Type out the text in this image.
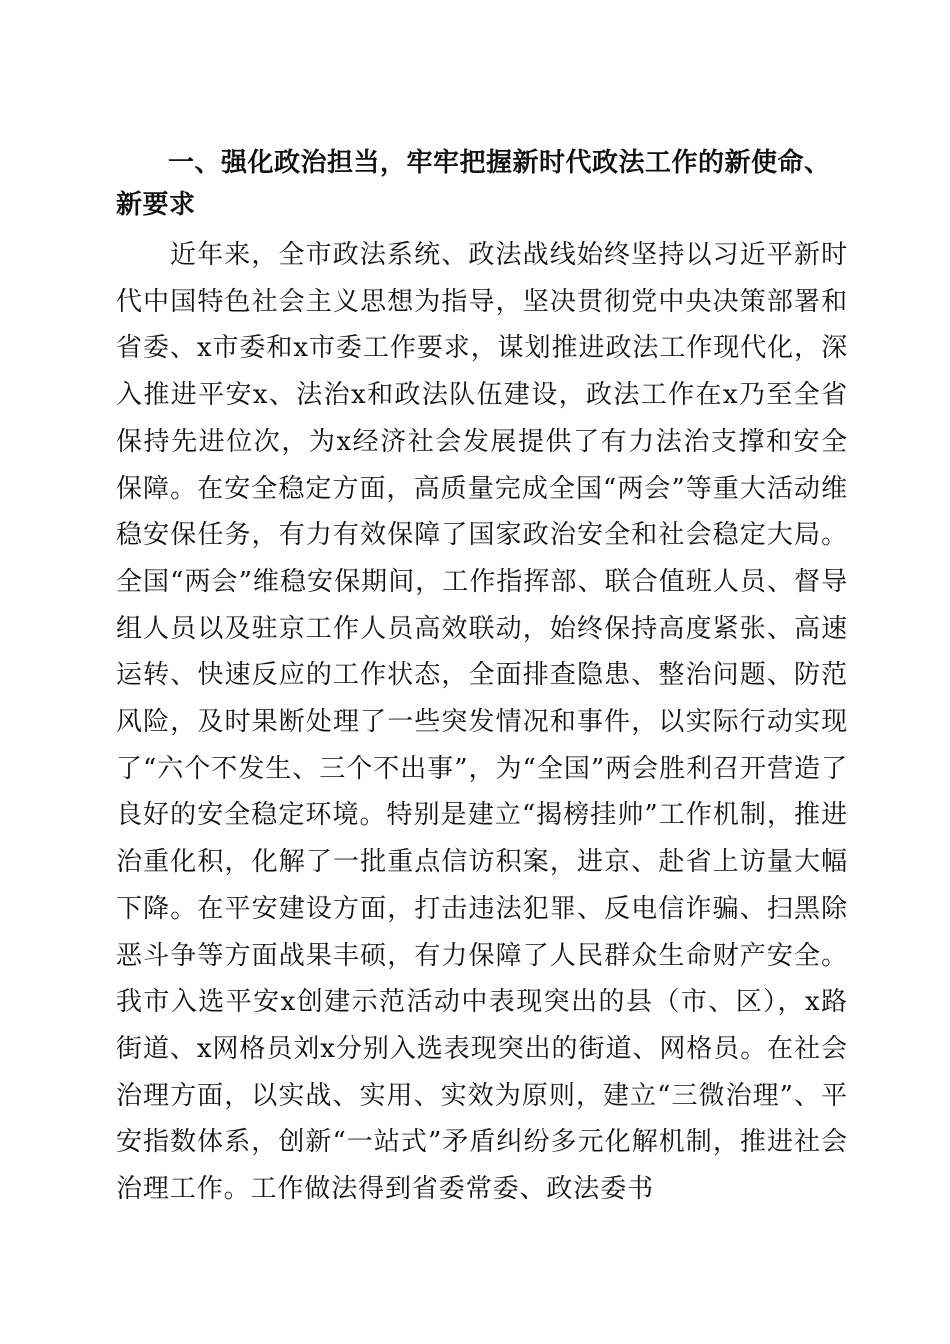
一、强化政治担当，牢牢把握新时代政法工作的新使命、新要求

近年来，全市政法系统、政法战线始终坚持以习近平新时代中国特色社会主义思想为指导，坚决贯彻党中央决策部署和省委、x市委和x市委工作要求，谋划推进政法工作现代化，深入推进平安x、法治x和政法队伍建设，政法工作在x乃至全省保持先进位次，为x经济社会发展提供了有力法治支撑和安全保障。在安全稳定方面，高质量完成全国“两会”等重大活动维稳安保任务，有力有效保障了国家政治安全和社会稳定大局。全国“两会”维稳安保期间，工作指挥部、联合值班人员、督导组人员以及驻京工作人员高效联动，始终保持高度紧张、高速运转、快速反应的工作状态，全面排查隐患、整治问题、防范风险，及时果断处理了一些突发情况和事件，以实际行动实现了“六个不发生、三个不出事”，为“全国”两会胜利召开营造了良好的安全稳定环境。特别是建立“揭榜挂帅”工作机制，推进治重化积，化解了一批重点信访积案，进京、赴省上访量大幅下降。在平安建设方面，打击违法犯罪、反电信诈骗、扫黑除恶斗争等方面战果丰硕，有力保障了人民群众生命财产安全。我市入选平安x创建示范活动中表现突出的县（市、区），x路街道、x网格员刘x分别入选表现突出的街道、网格员。在社会治理方面，以实战、实用、实效为原则，建立“三微治理”、平安指数体系，创新“一站式”矛盾纠纷多元化解机制，推进社会治理工作。工作做法得到省委常委、政法委书
